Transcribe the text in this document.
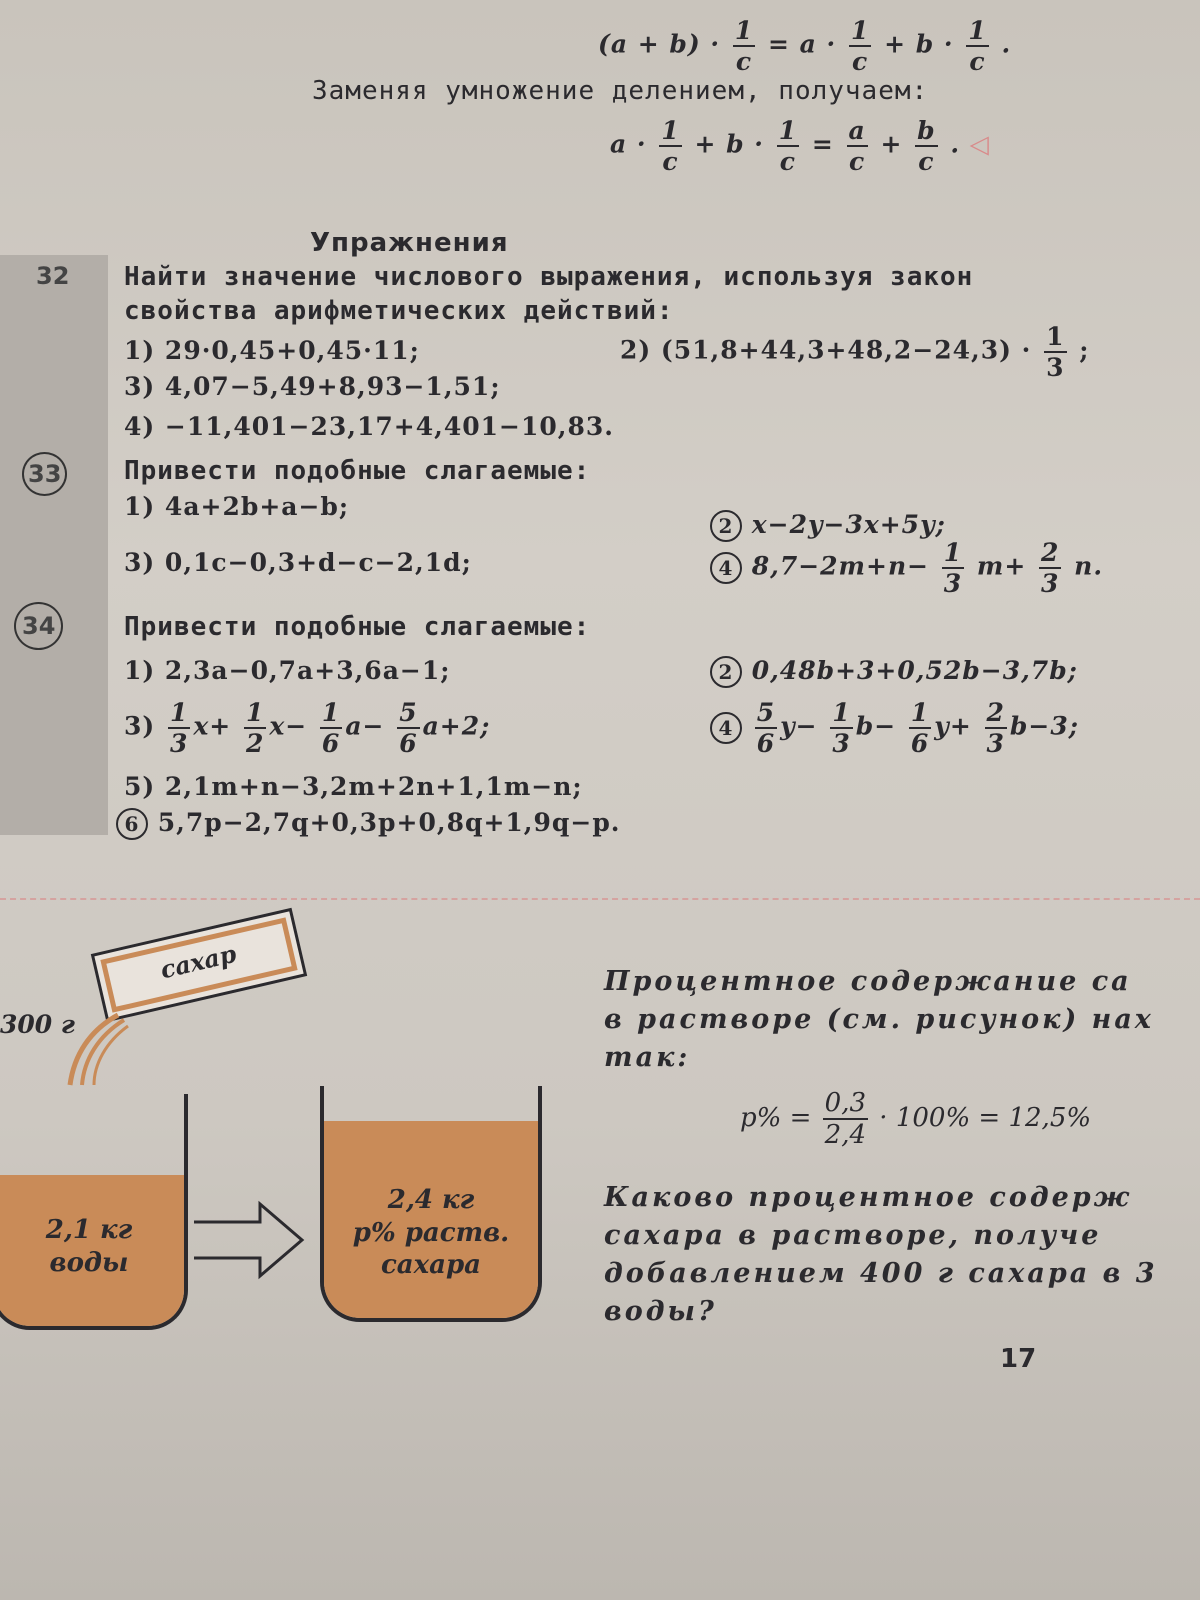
$(a + b) \cdot \frac{1}{c} = a \cdot \frac{1}{c} + b \cdot \frac{1}{c}$ .
Заменяя умножение делением, получаем:
$a \cdot \frac{1}{c} + b \cdot \frac{1}{c} = \frac{a}{c} + \frac{b}{c}$ . ◁
Упражнения
32 Найти значение числового выражения, используя закон
свойства арифметических действий:
1) 29·0,45+0,45·11;	2) $(51,8+44,3+48,2-24,3) \cdot \frac{1}{3}$ ;
3) 4,07−5,49+8,93−1,51;
4) −11,401−23,17+4,401−10,83.
33 Привести подобные слагаемые:
1) 4a+2b+a−b;
2 x−2y−3x+5y;
3) 0,1c−0,3+d−c−2,1d;	4 $8,7-2m+n- \frac{1}{3} m+ \frac{2}{3} n$.
34	Привести подобные слагаемые:
1) 2,3a−0,7a+3,6a−1;	2 0,48b+3+0,52b−3,7b;
$3) \frac{1}{3} x+ \frac{1}{2} x- \frac{1}{6} a- \frac{5}{6} a+2$;	$4 \frac{5}{6} y- \frac{1}{3} b- \frac{1}{6} y+ \frac{2}{3} b-3$;
5) 2,1m+n−3,2m+2n+1,1m−n;
6 5,7p−2,7q+0,3p+0,8q+1,9q−p.
сахар
300 г
2,1 кг
воды
2,4 кг
p% раств.
сахара
Процентное содержание са
в растворе (см. рисунок) нах
так:
$p\% = \frac{0,3}{2,4} \cdot 100\% = 12,5\%$
Каково процентное содерж
сахара в растворе, получе
добавлением 400 г сахара в 3
воды?
17
